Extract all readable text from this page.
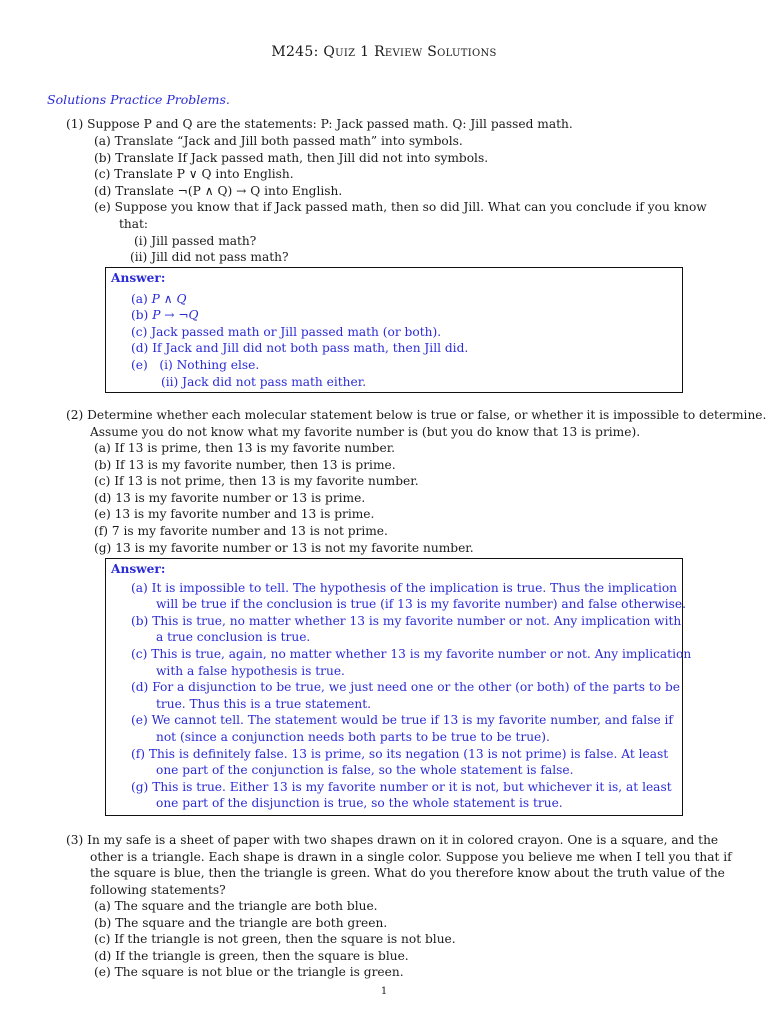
M245: Quiz 1 Review Solutions
Solutions Practice Problems.
(1) Suppose P and Q are the statements: P: Jack passed math. Q: Jill passed math.
(a) Translate “Jack and Jill both passed math” into symbols.
(b) Translate If Jack passed math, then Jill did not into symbols.
(c) Translate P ∨ Q into English.
(d) Translate ¬(P ∧ Q) → Q into English.
(e) Suppose you know that if Jack passed math, then so did Jill. What can you conclude if you know
that:
(i) Jill passed math?
(ii) Jill did not pass math?
Answer:
(a) P ∧ Q
(b) P → ¬Q
(c) Jack passed math or Jill passed math (or both).
(d) If Jack and Jill did not both pass math, then Jill did.
(e) (i) Nothing else.
(ii) Jack did not pass math either.
(2) Determine whether each molecular statement below is true or false, or whether it is impossible to determine.
Assume you do not know what my favorite number is (but you do know that 13 is prime).
(a) If 13 is prime, then 13 is my favorite number.
(b) If 13 is my favorite number, then 13 is prime.
(c) If 13 is not prime, then 13 is my favorite number.
(d) 13 is my favorite number or 13 is prime.
(e) 13 is my favorite number and 13 is prime.
(f) 7 is my favorite number and 13 is not prime.
(g) 13 is my favorite number or 13 is not my favorite number.
Answer:
(a) It is impossible to tell. The hypothesis of the implication is true. Thus the implication
will be true if the conclusion is true (if 13 is my favorite number) and false otherwise.
(b) This is true, no matter whether 13 is my favorite number or not. Any implication with
a true conclusion is true.
(c) This is true, again, no matter whether 13 is my favorite number or not. Any implication
with a false hypothesis is true.
(d) For a disjunction to be true, we just need one or the other (or both) of the parts to be
true. Thus this is a true statement.
(e) We cannot tell. The statement would be true if 13 is my favorite number, and false if
not (since a conjunction needs both parts to be true to be true).
(f) This is definitely false. 13 is prime, so its negation (13 is not prime) is false. At least
one part of the conjunction is false, so the whole statement is false.
(g) This is true. Either 13 is my favorite number or it is not, but whichever it is, at least
one part of the disjunction is true, so the whole statement is true.
(3) In my safe is a sheet of paper with two shapes drawn on it in colored crayon. One is a square, and the
other is a triangle. Each shape is drawn in a single color. Suppose you believe me when I tell you that if
the square is blue, then the triangle is green. What do you therefore know about the truth value of the
following statements?
(a) The square and the triangle are both blue.
(b) The square and the triangle are both green.
(c) If the triangle is not green, then the square is not blue.
(d) If the triangle is green, then the square is blue.
(e) The square is not blue or the triangle is green.
1
